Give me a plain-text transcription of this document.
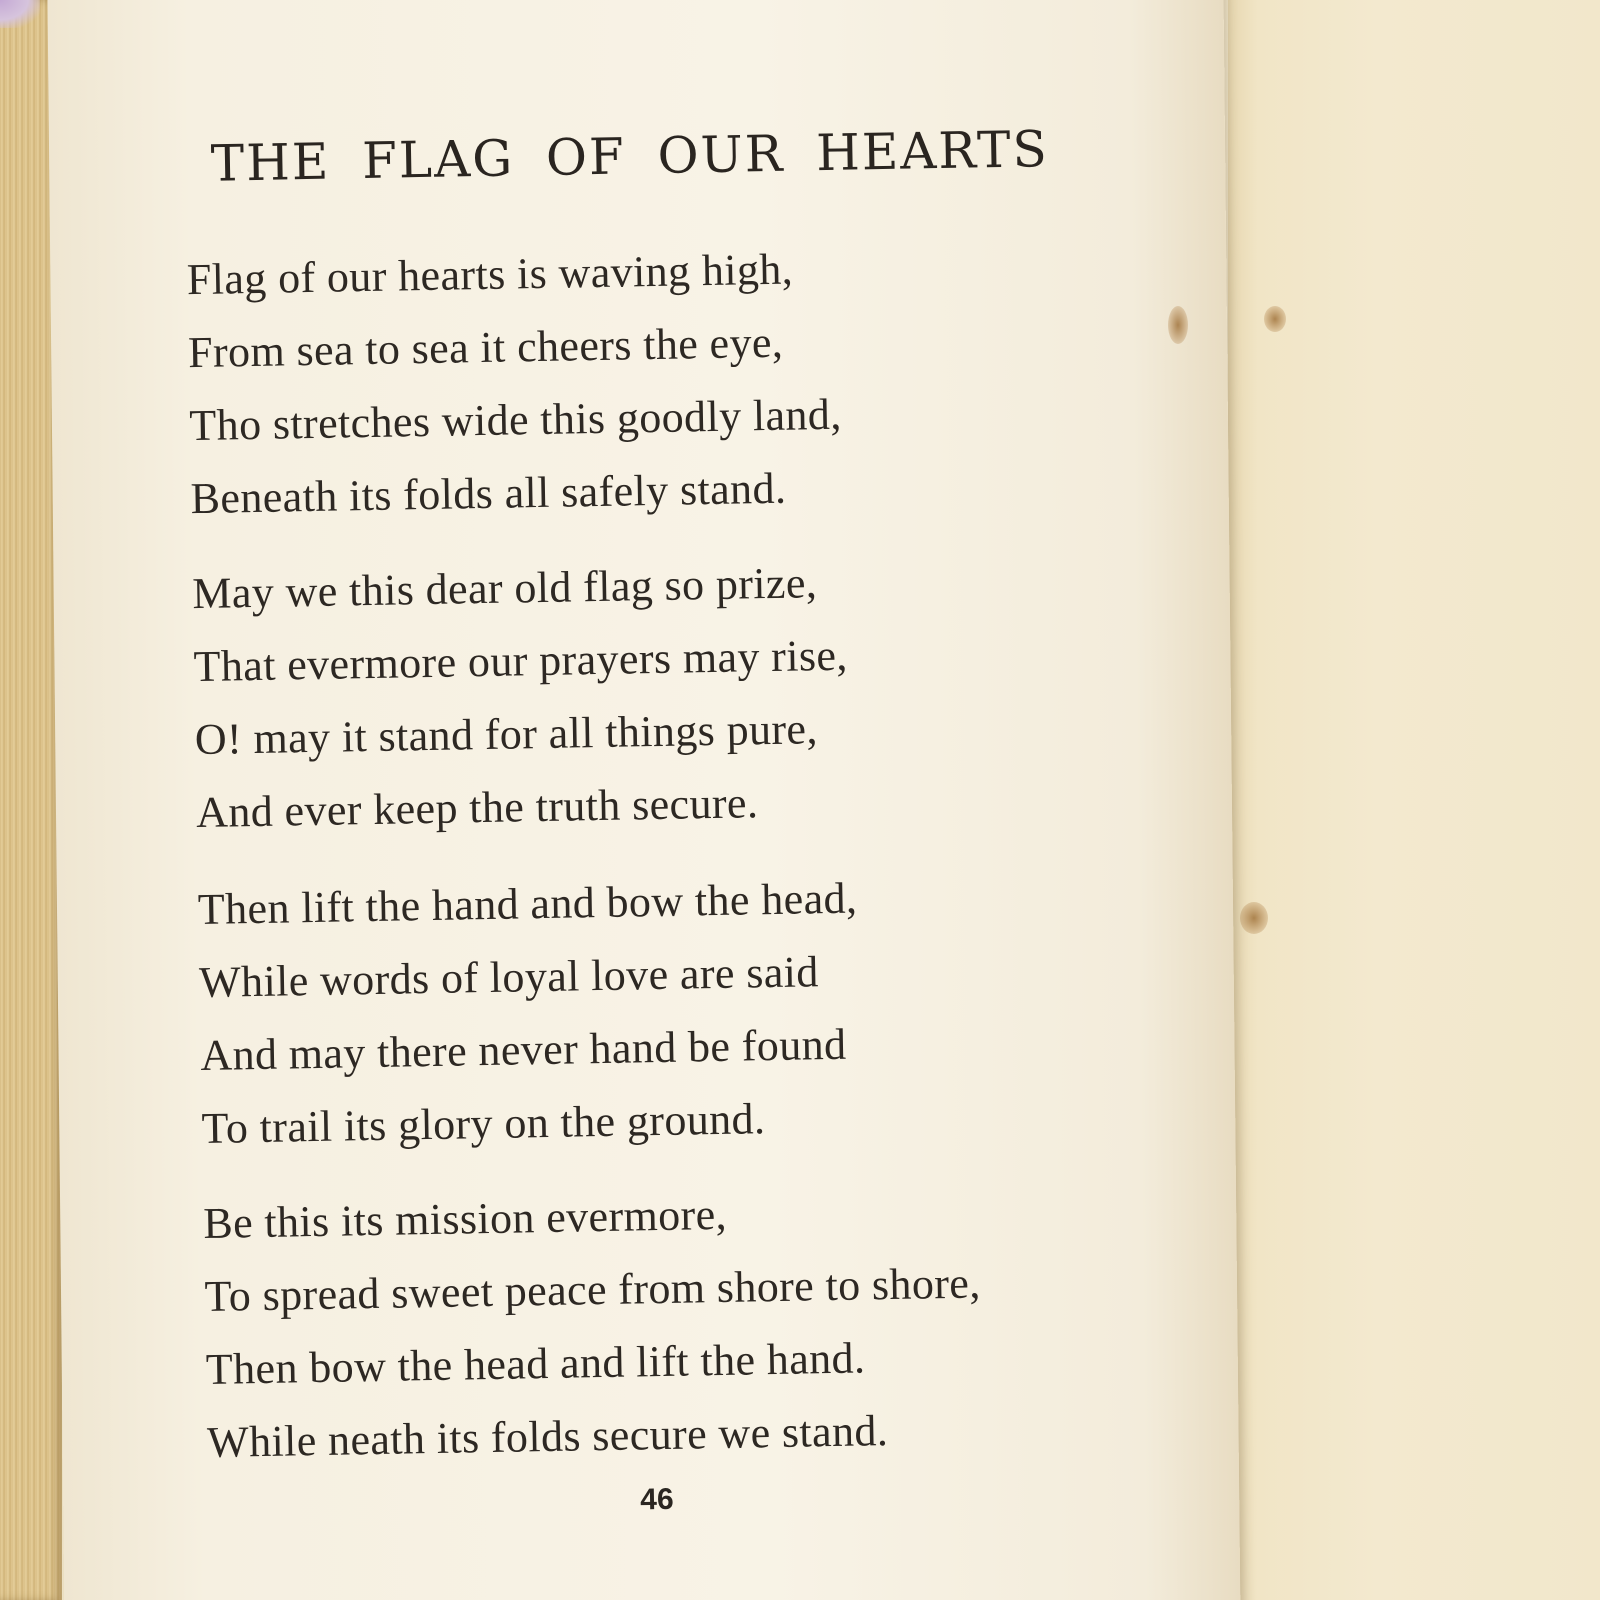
THE FLAG OF OUR HEARTS
Flag of our hearts is waving high,
From sea to sea it cheers the eye,
Tho stretches wide this goodly land,
Beneath its folds all safely stand.
May we this dear old flag so prize,
That evermore our prayers may rise,
O! may it stand for all things pure,
And ever keep the truth secure.
Then lift the hand and bow the head,
While words of loyal love are said
And may there never hand be found
To trail its glory on the ground.
Be this its mission evermore,
To spread sweet peace from shore to shore,
Then bow the head and lift the hand.
While neath its folds secure we stand.
46
